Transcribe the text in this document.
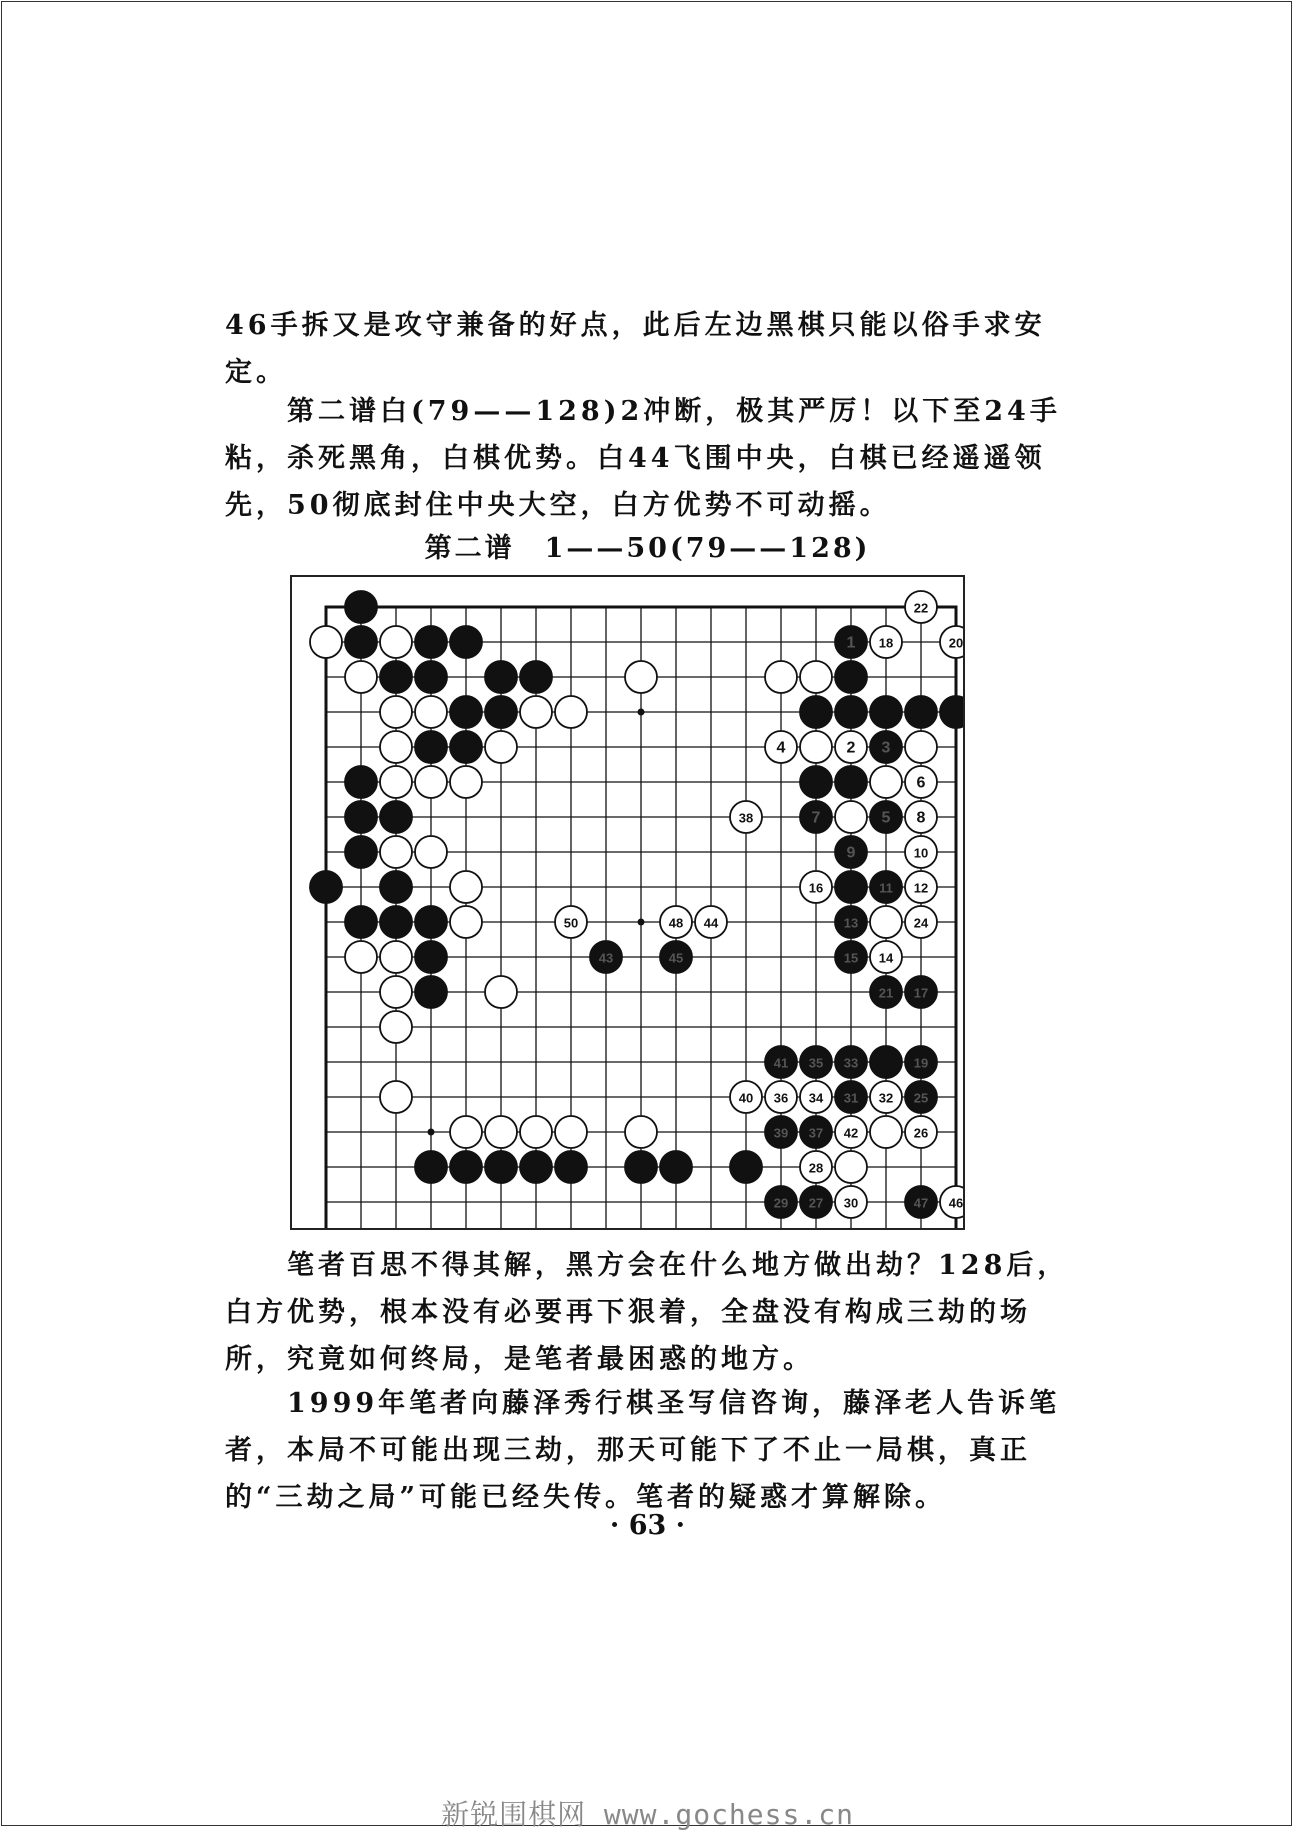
46手拆又是攻守兼备的好点，此后左边黑棋只能以俗手求安定。

第二谱白(79——128)2冲断，极其严厉！以下至24手粘，杀死黑角，白棋优势。白44飞围中央，白棋已经遥遥领先，50彻底封住中央大空，白方优势不可动摇。

第二谱　1——50(79——128)
1 18	20
22
4	2 3
6
38	7	5 8
9	10
16	11 12
50	48 44	13	24
43	45	15 14
21 17
41 35 33	19
40 36 34 31 32 25
39 37 42	26
28
29 27 30	47 46

笔者百思不得其解，黑方会在什么地方做出劫？128后，白方优势，根本没有必要再下狠着，全盘没有构成三劫的场所，究竟如何终局，是笔者最困惑的地方。

1999年笔者向藤泽秀行棋圣写信咨询，藤泽老人告诉笔者，本局不可能出现三劫，那天可能下了不止一局棋，真正的“三劫之局”可能已经失传。笔者的疑惑才算解除。

· 63 ·
新锐围棋网 www.gochess.cn
